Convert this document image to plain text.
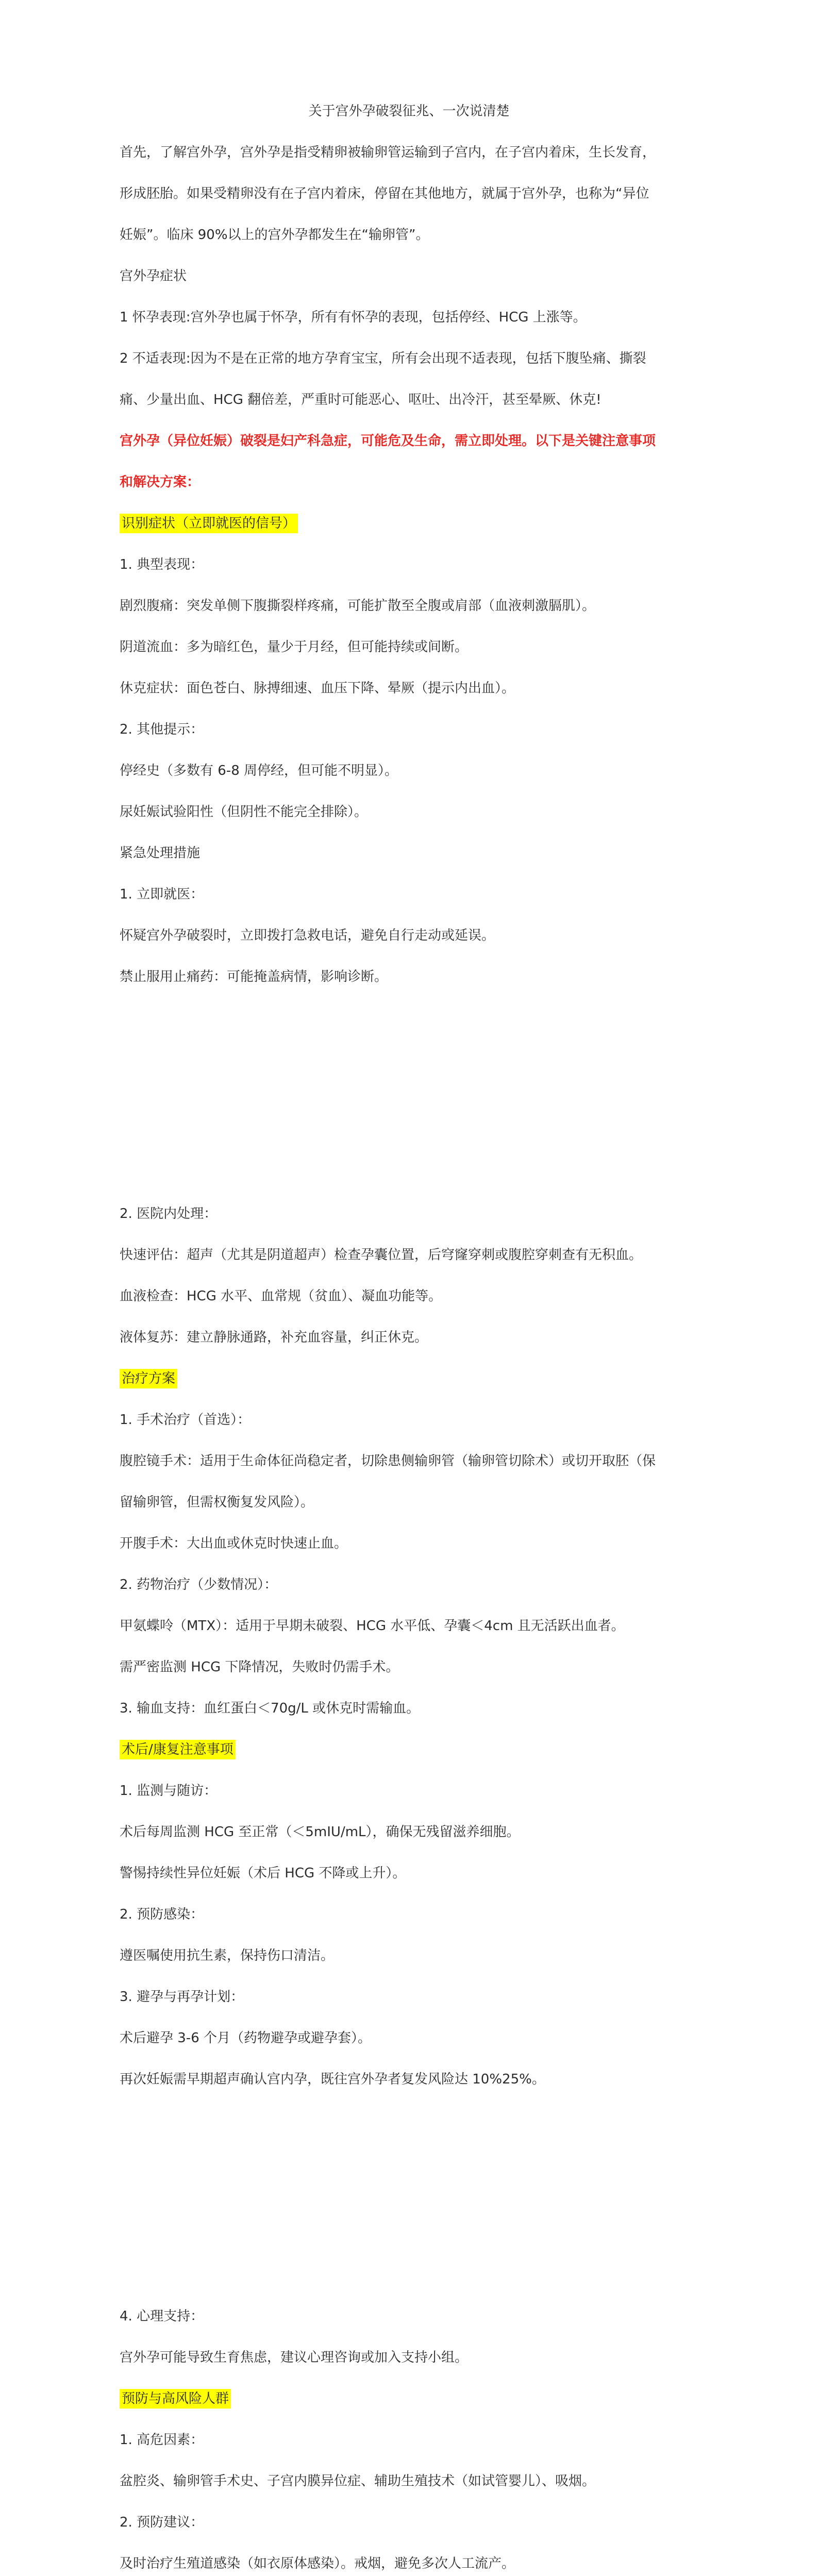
关于宫外孕破裂征兆、一次说清楚
首先，了解宫外孕，宫外孕是指受精卵被输卵管运输到子宫内，在子宫内着床，生长发育，
形成胚胎。如果受精卵没有在子宫内着床，停留在其他地方，就属于宫外孕，也称为“异位
妊娠”。临床 90%以上的宫外孕都发生在“输卵管”。
宫外孕症状
1 怀孕表现:宫外孕也属于怀孕，所有有怀孕的表现，包括停经、HCG 上涨等。
2 不适表现:因为不是在正常的地方孕育宝宝，所有会出现不适表现，包括下腹坠痛、撕裂
痛、少量出血、HCG 翻倍差，严重时可能恶心、呕吐、出冷汗，甚至晕厥、休克!
宫外孕（异位妊娠）破裂是妇产科急症，可能危及生命，需立即处理。以下是关键注意事项
和解决方案：
识别症状（立即就医的信号）
1. 典型表现：
剧烈腹痛：突发单侧下腹撕裂样疼痛，可能扩散至全腹或肩部（血液刺激膈肌）。
阴道流血：多为暗红色，量少于月经，但可能持续或间断。
休克症状：面色苍白、脉搏细速、血压下降、晕厥（提示内出血）。
2. 其他提示：
停经史（多数有 6-8 周停经，但可能不明显）。
尿妊娠试验阳性（但阴性不能完全排除）。
紧急处理措施
1. 立即就医：
怀疑宫外孕破裂时，立即拨打急救电话，避免自行走动或延误。
禁止服用止痛药：可能掩盖病情，影响诊断。
2. 医院内处理：
快速评估：超声（尤其是阴道超声）检查孕囊位置，后穹窿穿刺或腹腔穿刺查有无积血。
血液检查：HCG 水平、血常规（贫血）、凝血功能等。
液体复苏：建立静脉通路，补充血容量，纠正休克。
治疗方案
1. 手术治疗（首选）：
腹腔镜手术：适用于生命体征尚稳定者，切除患侧输卵管（输卵管切除术）或切开取胚（保
留输卵管，但需权衡复发风险）。
开腹手术：大出血或休克时快速止血。
2. 药物治疗（少数情况）：
甲氨蝶呤（MTX）：适用于早期未破裂、HCG 水平低、孕囊＜4cm 且无活跃出血者。
需严密监测 HCG 下降情况，失败时仍需手术。
3. 输血支持：血红蛋白＜70g/L 或休克时需输血。
术后/康复注意事项
1. 监测与随访：
术后每周监测 HCG 至正常（＜5mIU/mL），确保无残留滋养细胞。
警惕持续性异位妊娠（术后 HCG 不降或上升）。
2. 预防感染：
遵医嘱使用抗生素，保持伤口清洁。
3. 避孕与再孕计划：
术后避孕 3-6 个月（药物避孕或避孕套）。
再次妊娠需早期超声确认宫内孕，既往宫外孕者复发风险达 10%25%。
4. 心理支持：
宫外孕可能导致生育焦虑，建议心理咨询或加入支持小组。
预防与高风险人群
1. 高危因素：
盆腔炎、输卵管手术史、子宫内膜异位症、辅助生殖技术（如试管婴儿）、吸烟。
2. 预防建议：
及时治疗生殖道感染（如衣原体感染）。戒烟，避免多次人工流产。
